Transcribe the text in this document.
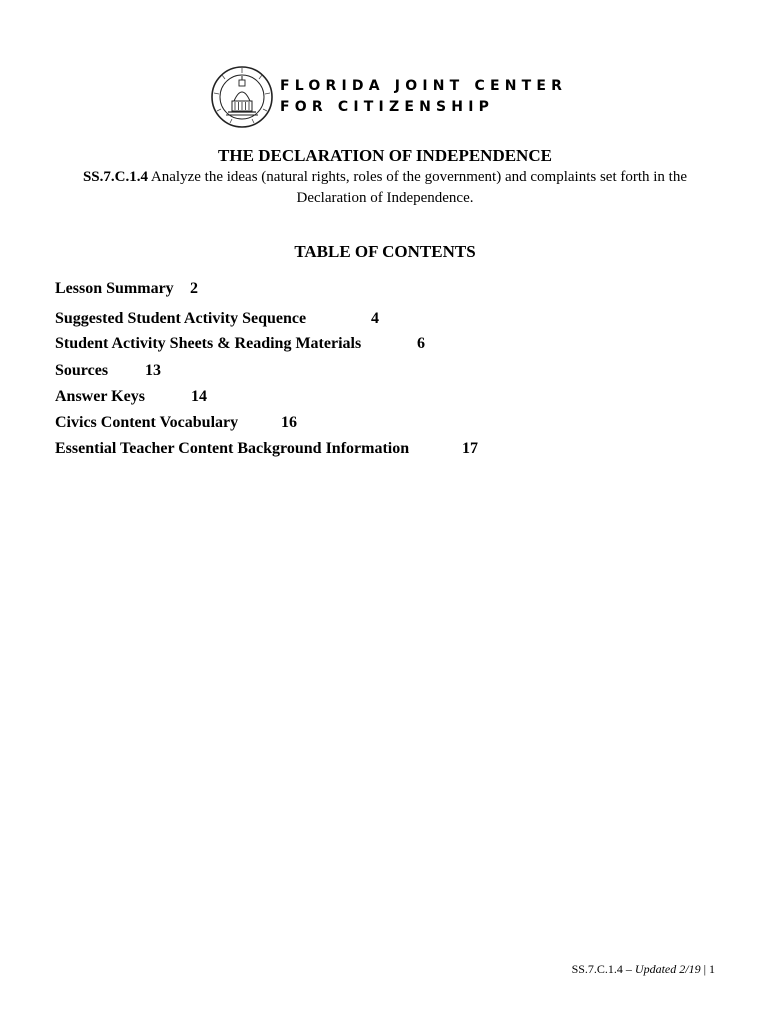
FLORIDA JOINT CENTER
FOR CITIZENSHIP
THE DECLARATION OF INDEPENDENCE
SS.7.C.1.4 Analyze the ideas (natural rights, roles of the government) and complaints set forth in the Declaration of Independence.
TABLE OF CONTENTS
Lesson Summary 2
Suggested Student Activity Sequence	4
Student Activity Sheets & Reading Materials	6
Sources 13
Answer Keys	14
Civics Content Vocabulary	16
Essential Teacher Content Background Information	17
SS.7.C.1.4 – Updated 2/19 | 1
